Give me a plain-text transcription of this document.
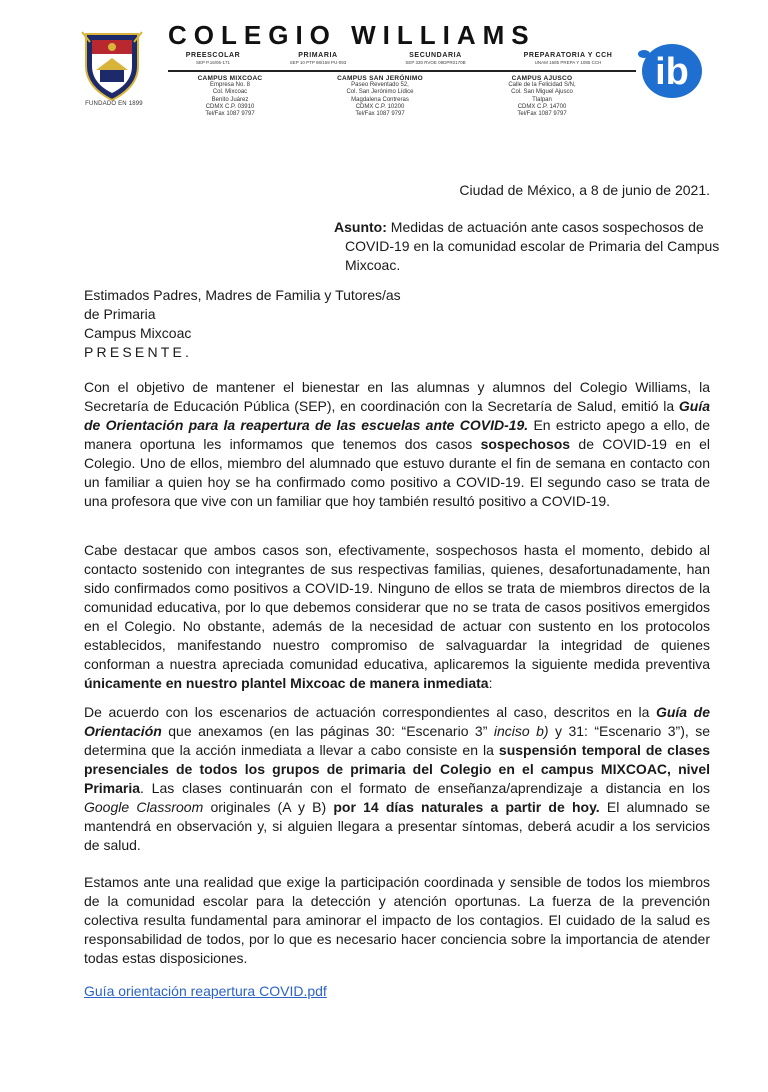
FUNDADO EN 1899
COLEGIO WILLIAMS
PREESCOLAR
SEP P.16/05-171
PRIMARIA
SEP 10 PTP 98/159 PU-093
SECUNDARIA
SEP 330 RVOE 09DPR0170B
PREPARATORIA Y CCH
UNAM 1685 PREPA Y 1085 CCH
CAMPUS MIXCOAC
Empresa No. 8
Col. Mixcoac
Benito Juárez
CDMX C.P. 03910
Tel/Fax 1087 9797
CAMPUS SAN JERÓNIMO
Paseo Reventado 52,
Col. San Jerónimo Lídice
Magdalena Contreras
CDMX C.P. 10200
Tel/Fax 1087 9797
CAMPUS AJUSCO
Calle de la Felicidad S/N,
Col. San Miguel Ajusco
Tlalpan
CDMX C.P. 14700
Tel/Fax 1087 9797
ib
Ciudad de México, a 8 de junio de 2021.
Asunto: Medidas de actuación ante casos sospechosos de COVID-19 en la comunidad escolar de Primaria del Campus Mixcoac.
Estimados Padres, Madres de Familia y Tutores/as
de Primaria
Campus Mixcoac
PRESENTE.
Con el objetivo de mantener el bienestar en las alumnas y alumnos del Colegio Williams, la Secretaría de Educación Pública (SEP), en coordinación con la Secretaría de Salud, emitió la Guía de Orientación para la reapertura de las escuelas ante COVID-19. En estricto apego a ello, de manera oportuna les informamos que tenemos dos casos sospechosos de COVID-19 en el Colegio. Uno de ellos, miembro del alumnado que estuvo durante el fin de semana en contacto con un familiar a quien hoy se ha confirmado como positivo a COVID-19. El segundo caso se trata de una profesora que vive con un familiar que hoy también resultó positivo a COVID-19.
Cabe destacar que ambos casos son, efectivamente, sospechosos hasta el momento, debido al contacto sostenido con integrantes de sus respectivas familias, quienes, desafortunadamente, han sido confirmados como positivos a COVID-19. Ninguno de ellos se trata de miembros directos de la comunidad educativa, por lo que debemos considerar que no se trata de casos positivos emergidos en el Colegio. No obstante, además de la necesidad de actuar con sustento en los protocolos establecidos, manifestando nuestro compromiso de salvaguardar la integridad de quienes conforman a nuestra apreciada comunidad educativa, aplicaremos la siguiente medida preventiva únicamente en nuestro plantel Mixcoac de manera inmediata:
De acuerdo con los escenarios de actuación correspondientes al caso, descritos en la Guía de Orientación que anexamos (en las páginas 30: “Escenario 3” inciso b) y 31: “Escenario 3”), se determina que la acción inmediata a llevar a cabo consiste en la suspensión temporal de clases presenciales de todos los grupos de primaria del Colegio en el campus MIXCOAC, nivel Primaria. Las clases continuarán con el formato de enseñanza/aprendizaje a distancia en los Google Classroom originales (A y B) por 14 días naturales a partir de hoy. El alumnado se mantendrá en observación y, si alguien llegara a presentar síntomas, deberá acudir a los servicios de salud.
Estamos ante una realidad que exige la participación coordinada y sensible de todos los miembros de la comunidad escolar para la detección y atención oportunas. La fuerza de la prevención colectiva resulta fundamental para aminorar el impacto de los contagios. El cuidado de la salud es responsabilidad de todos, por lo que es necesario hacer conciencia sobre la importancia de atender todas estas disposiciones.
Guía orientación reapertura COVID.pdf
